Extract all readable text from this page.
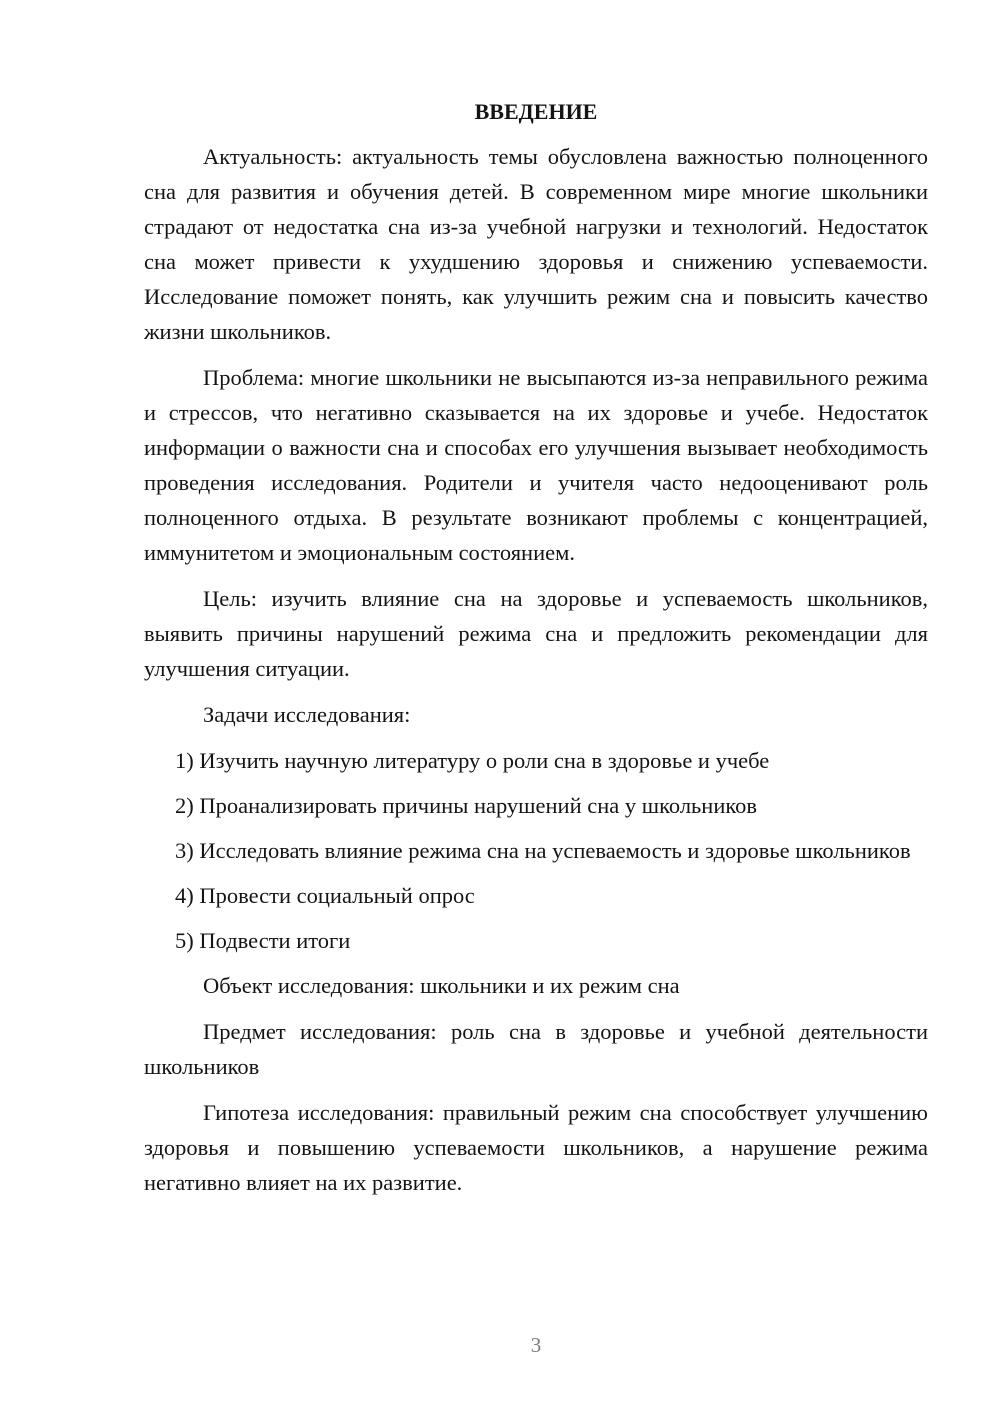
ВВЕДЕНИЕ

Актуальность: актуальность темы обусловлена важностью полноценного сна для развития и обучения детей. В современном мире многие школьники страдают от недостатка сна из-за учебной нагрузки и технологий. Недостаток сна может привести к ухудшению здоровья и снижению успеваемости. Исследование поможет понять, как улучшить режим сна и повысить качество жизни школьников.

Проблема: многие школьники не высыпаются из-за неправильного режима и стрессов, что негативно сказывается на их здоровье и учебе. Недостаток информации о важности сна и способах его улучшения вызывает необходимость проведения исследования. Родители и учителя часто недооценивают роль полноценного отдыха. В результате возникают проблемы с концентрацией, иммунитетом и эмоциональным состоянием.

Цель: изучить влияние сна на здоровье и успеваемость школьников, выявить причины нарушений режима сна и предложить рекомендации для улучшения ситуации.

Задачи исследования:

1) Изучить научную литературу о роли сна в здоровье и учебе

2) Проанализировать причины нарушений сна у школьников

3) Исследовать влияние режима сна на успеваемость и здоровье школьников

4) Провести социальный опрос

5) Подвести итоги

Объект исследования: школьники и их режим сна

Предмет исследования: роль сна в здоровье и учебной деятельности школьников

Гипотеза исследования: правильный режим сна способствует улучшению здоровья и повышению успеваемости школьников, а нарушение режима негативно влияет на их развитие.

3
